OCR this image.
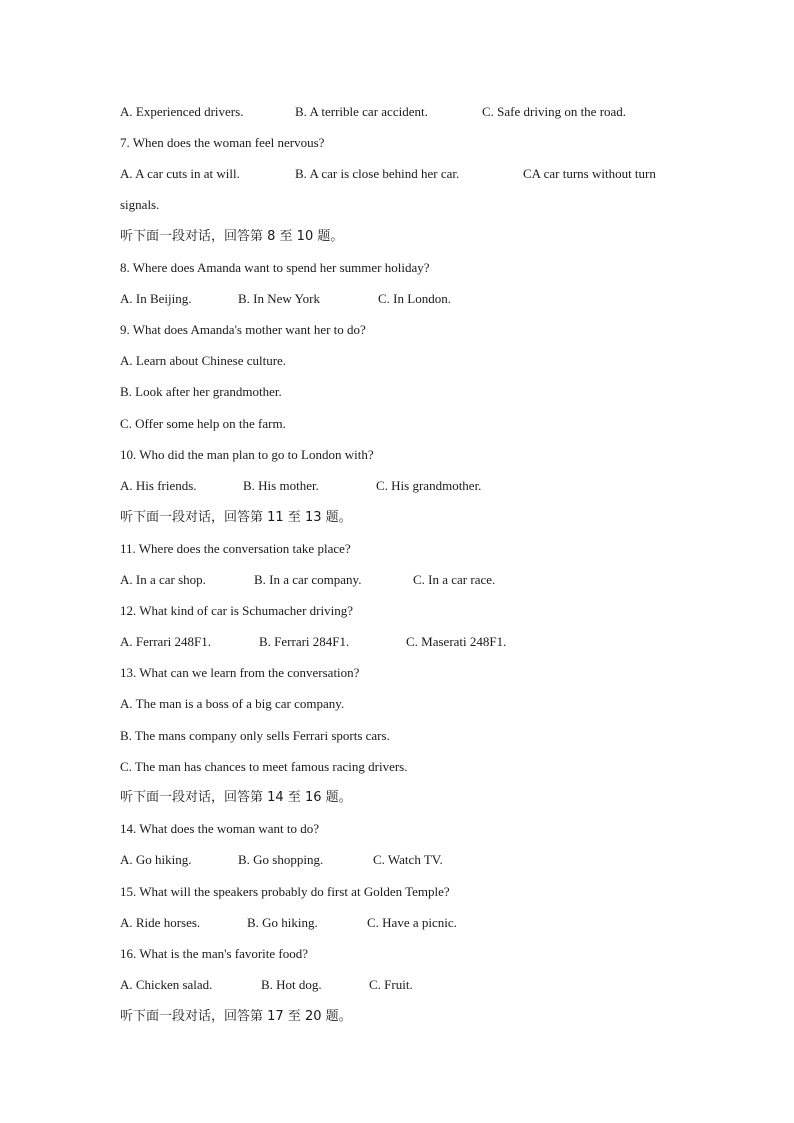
A. Experienced drivers.	B. A terrible car accident.	C. Safe driving on the road.
7. When does the woman feel nervous?
A. A car cuts in at will.	B. A car is close behind her car.	CA car turns without turn
signals.
听下面一段对话，回答第 8 至 10 题。
8. Where does Amanda want to spend her summer holiday?
A. In Beijing.	B. In New York	C. In London.
9. What does Amanda's mother want her to do?
A. Learn about Chinese culture.
B. Look after her grandmother.
C. Offer some help on the farm.
10. Who did the man plan to go to London with?
A. His friends.	B. His mother.	C. His grandmother.
听下面一段对话，回答第 11 至 13 题。
11. Where does the conversation take place?
A. In a car shop.	B. In a car company.	C. In a car race.
12. What kind of car is Schumacher driving?
A. Ferrari 248F1.	B. Ferrari 284F1.	C. Maserati 248F1.
13. What can we learn from the conversation?
A. The man is a boss of a big car company.
B. The mans company only sells Ferrari sports cars.
C. The man has chances to meet famous racing drivers.
听下面一段对话，回答第 14 至 16 题。
14. What does the woman want to do?
A. Go hiking.	B. Go shopping.	C. Watch TV.
15. What will the speakers probably do first at Golden Temple?
A. Ride horses.	B. Go hiking.	C. Have a picnic.
16. What is the man's favorite food?
A. Chicken salad.	B. Hot dog.	C. Fruit.
听下面一段对话，回答第 17 至 20 题。
